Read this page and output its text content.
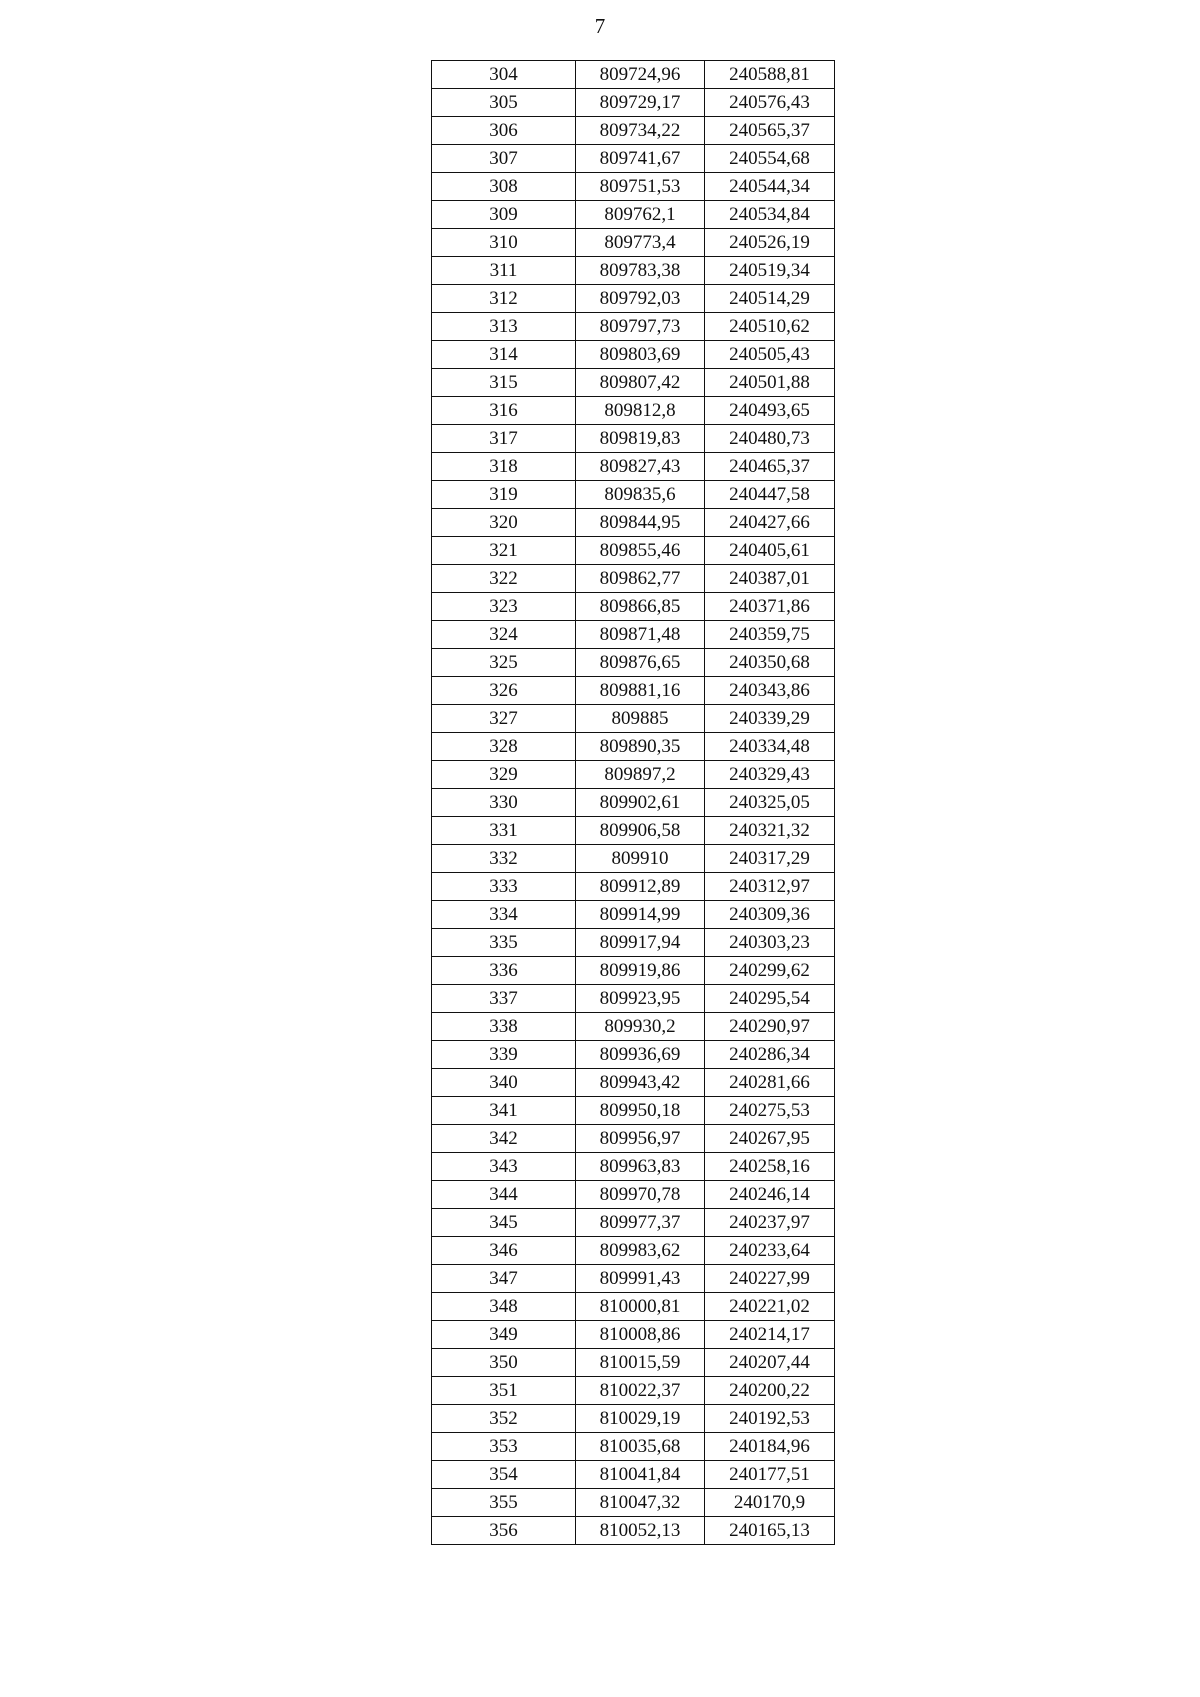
7
304	809724,96	240588,81
305	809729,17	240576,43
306	809734,22	240565,37
307	809741,67	240554,68
308	809751,53	240544,34
309	809762,1	240534,84
310	809773,4	240526,19
311	809783,38	240519,34
312	809792,03	240514,29
313	809797,73	240510,62
314	809803,69	240505,43
315	809807,42	240501,88
316	809812,8	240493,65
317	809819,83	240480,73
318	809827,43	240465,37
319	809835,6	240447,58
320	809844,95	240427,66
321	809855,46	240405,61
322	809862,77	240387,01
323	809866,85	240371,86
324	809871,48	240359,75
325	809876,65	240350,68
326	809881,16	240343,86
327	809885	240339,29
328	809890,35	240334,48
329	809897,2	240329,43
330	809902,61	240325,05
331	809906,58	240321,32
332	809910	240317,29
333	809912,89	240312,97
334	809914,99	240309,36
335	809917,94	240303,23
336	809919,86	240299,62
337	809923,95	240295,54
338	809930,2	240290,97
339	809936,69	240286,34
340	809943,42	240281,66
341	809950,18	240275,53
342	809956,97	240267,95
343	809963,83	240258,16
344	809970,78	240246,14
345	809977,37	240237,97
346	809983,62	240233,64
347	809991,43	240227,99
348	810000,81	240221,02
349	810008,86	240214,17
350	810015,59	240207,44
351	810022,37	240200,22
352	810029,19	240192,53
353	810035,68	240184,96
354	810041,84	240177,51
355	810047,32	240170,9
356	810052,13	240165,13
